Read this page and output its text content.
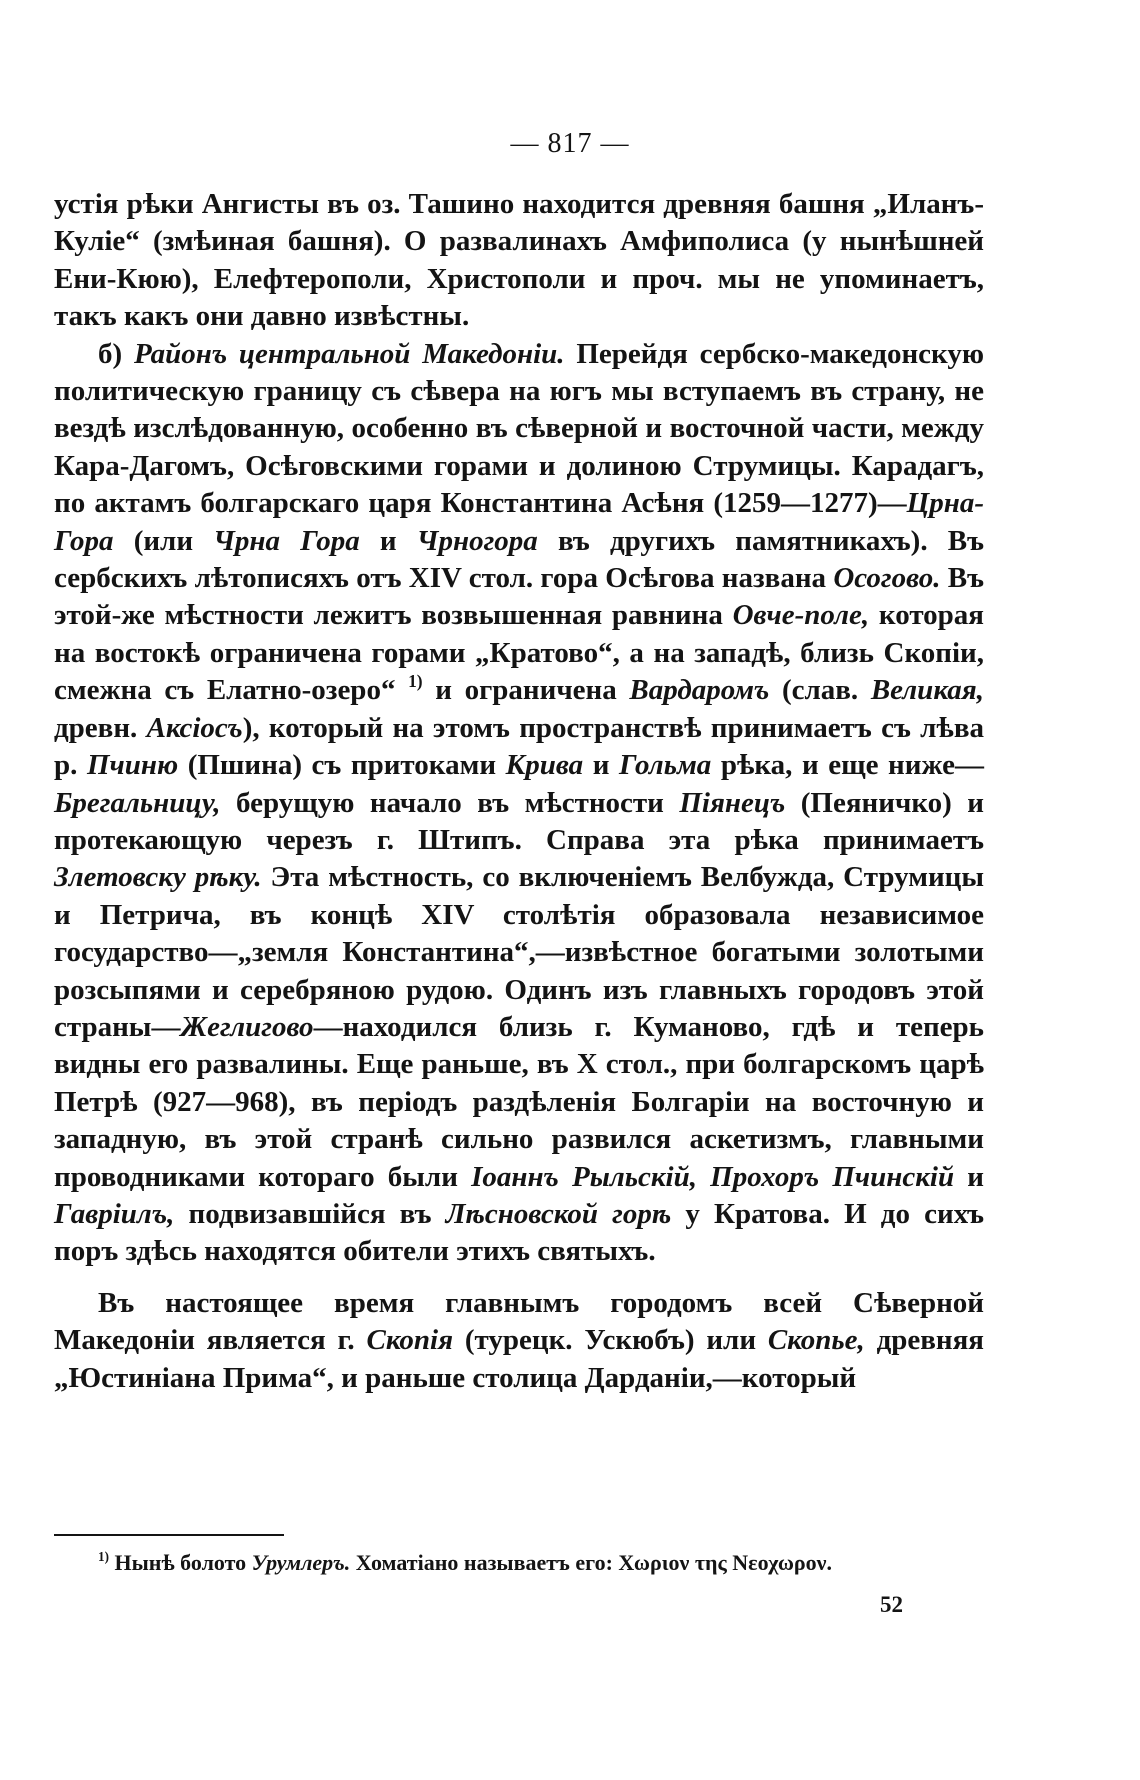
— 817 —

устія рѣки Ангисты въ оз. Ташино находится древняя башня „Иланъ-Куліе“ (змѣиная башня). О развалинахъ Амфиполиса (у нынѣшней Ени-Кюю), Елефтерополи, Христополи и проч. мы не упоминаетъ, такъ какъ они давно извѣстны.

б) Районъ центральной Македоніи. Перейдя сербско-македонскую политическую границу съ сѣвера на югъ мы вступаемъ въ страну, не вездѣ изслѣдованную, особенно въ сѣверной и восточной части, между Кара-Дагомъ, Осѣговскими горами и долиною Струмицы. Карадагъ, по актамъ болгарскаго царя Константина Асѣня (1259—1277)—Црна-Гора (или Чрна Гора и Чрногора въ другихъ памятникахъ). Въ сербскихъ лѣтописяхъ отъ XIV стол. гора Осѣгова названа Осогово. Въ этой-же мѣстности лежитъ возвышенная равнина Овче-поле, которая на востокѣ ограничена горами „Кратово“, а на западѣ, близь Скопіи, смежна съ Елатно-озеро“ $^{1)}$ и ограничена Вардаромъ (слав. Великая, древн. Аксіосъ), который на этомъ пространствѣ принимаетъ съ лѣва р. Пчиню (Пшина) съ притоками Крива и Гольма рѣка, и еще ниже—Брегальницу, берущую начало въ мѣстности Піянецъ (Пеяничко) и протекающую черезъ г. Штипъ. Справа эта рѣка принимаетъ Злетовску рѣку. Эта мѣстность, со включеніемъ Велбужда, Струмицы и Петрича, въ концѣ XIV столѣтія образовала независимое государство—„земля Константина“,—извѣстное богатыми золотыми розсыпями и серебряною рудою. Одинъ изъ главныхъ городовъ этой страны—Жеглигово—находился близь г. Куманово, гдѣ и теперь видны его развалины. Еще раньше, въ X стол., при болгарскомъ царѣ Петрѣ (927—968), въ періодъ раздѣленія Болгаріи на восточную и западную, въ этой странѣ сильно развился аскетизмъ, главными проводниками котораго были Іоаннъ Рыльскій, Прохоръ Пчинскій и Гавріилъ, подвизавшійся въ Лѣсновской горѣ у Кратова. И до сихъ поръ здѣсь находятся обители этихъ святыхъ.

Въ настоящее время главнымъ городомъ всей Сѣверной Македоніи является г. Скопія (турецк. Ускюбъ) или Скопье, древняя „Юстиніана Прима“, и раньше столица Дарданіи,—который

$^{1)}$ Нынѣ болото Урумлеръ. Хоматіано называетъ его: Χωριον της Νεοχωρον.
52
